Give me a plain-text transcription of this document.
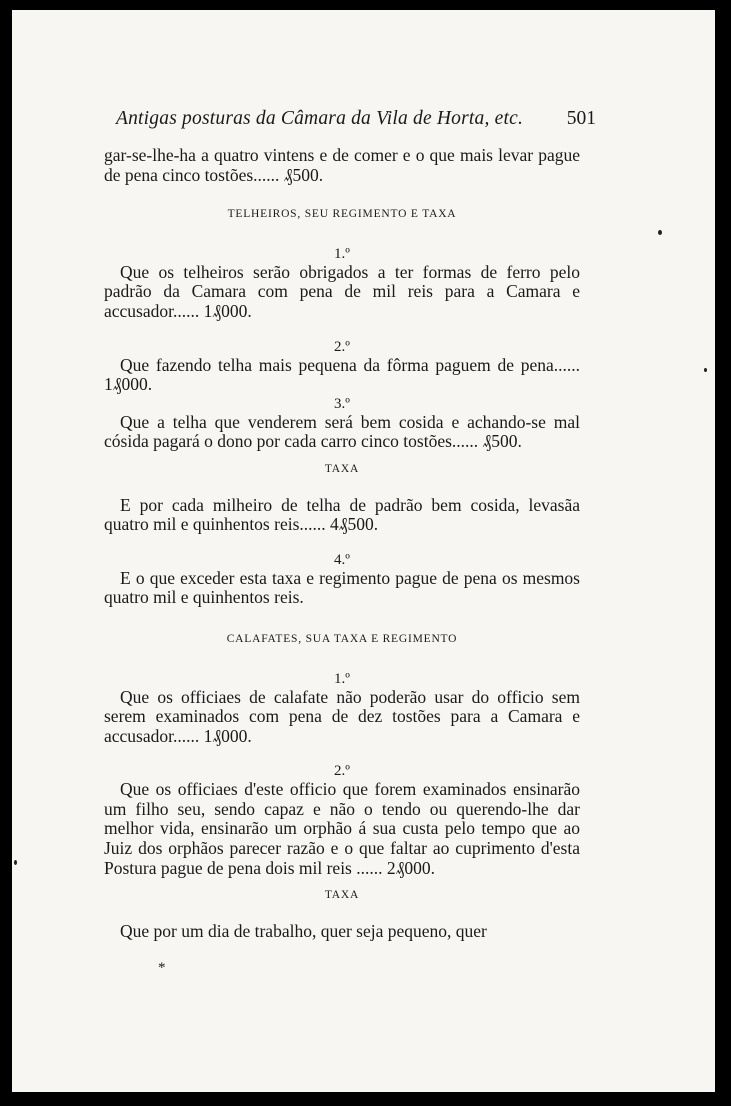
Antigas posturas da Câmara da Vila de Horta, etc. 501

gar-se-lhe-ha a quatro vintens e de comer e o que mais levar pague de pena cinco tostões...... ₰500.

TELHEIROS, SEU REGIMENTO E TAXA

1.º

Que os telheiros serão obrigados a ter formas de ferro pelo padrão da Camara com pena de mil reis para a Camara e accusador...... 1₰000.

2.º

Que fazendo telha mais pequena da fôrma paguem de pena...... 1₰000.

3.º

Que a telha que venderem será bem cosida e achando-se mal cósida pagará o dono por cada carro cinco tostões...... ₰500.

TAXA

E por cada milheiro de telha de padrão bem cosida, levasãa quatro mil e quinhentos reis...... 4₰500.

4.º

E o que exceder esta taxa e regimento pague de pena os mesmos quatro mil e quinhentos reis.

CALAFATES, SUA TAXA E REGIMENTO

1.º

Que os officiaes de calafate não poderão usar do officio sem serem examinados com pena de dez tostões para a Camara e accusador...... 1₰000.

2.º

Que os officiaes d'este officio que forem examinados ensinarão um filho seu, sendo capaz e não o tendo ou querendo-lhe dar melhor vida, ensinarão um orphão á sua custa pelo tempo que ao Juiz dos orphãos parecer razão e o que faltar ao cuprimento d'esta Postura pague de pena dois mil reis ...... 2₰000.

TAXA

Que por um dia de trabalho, quer seja pequeno, quer

*
